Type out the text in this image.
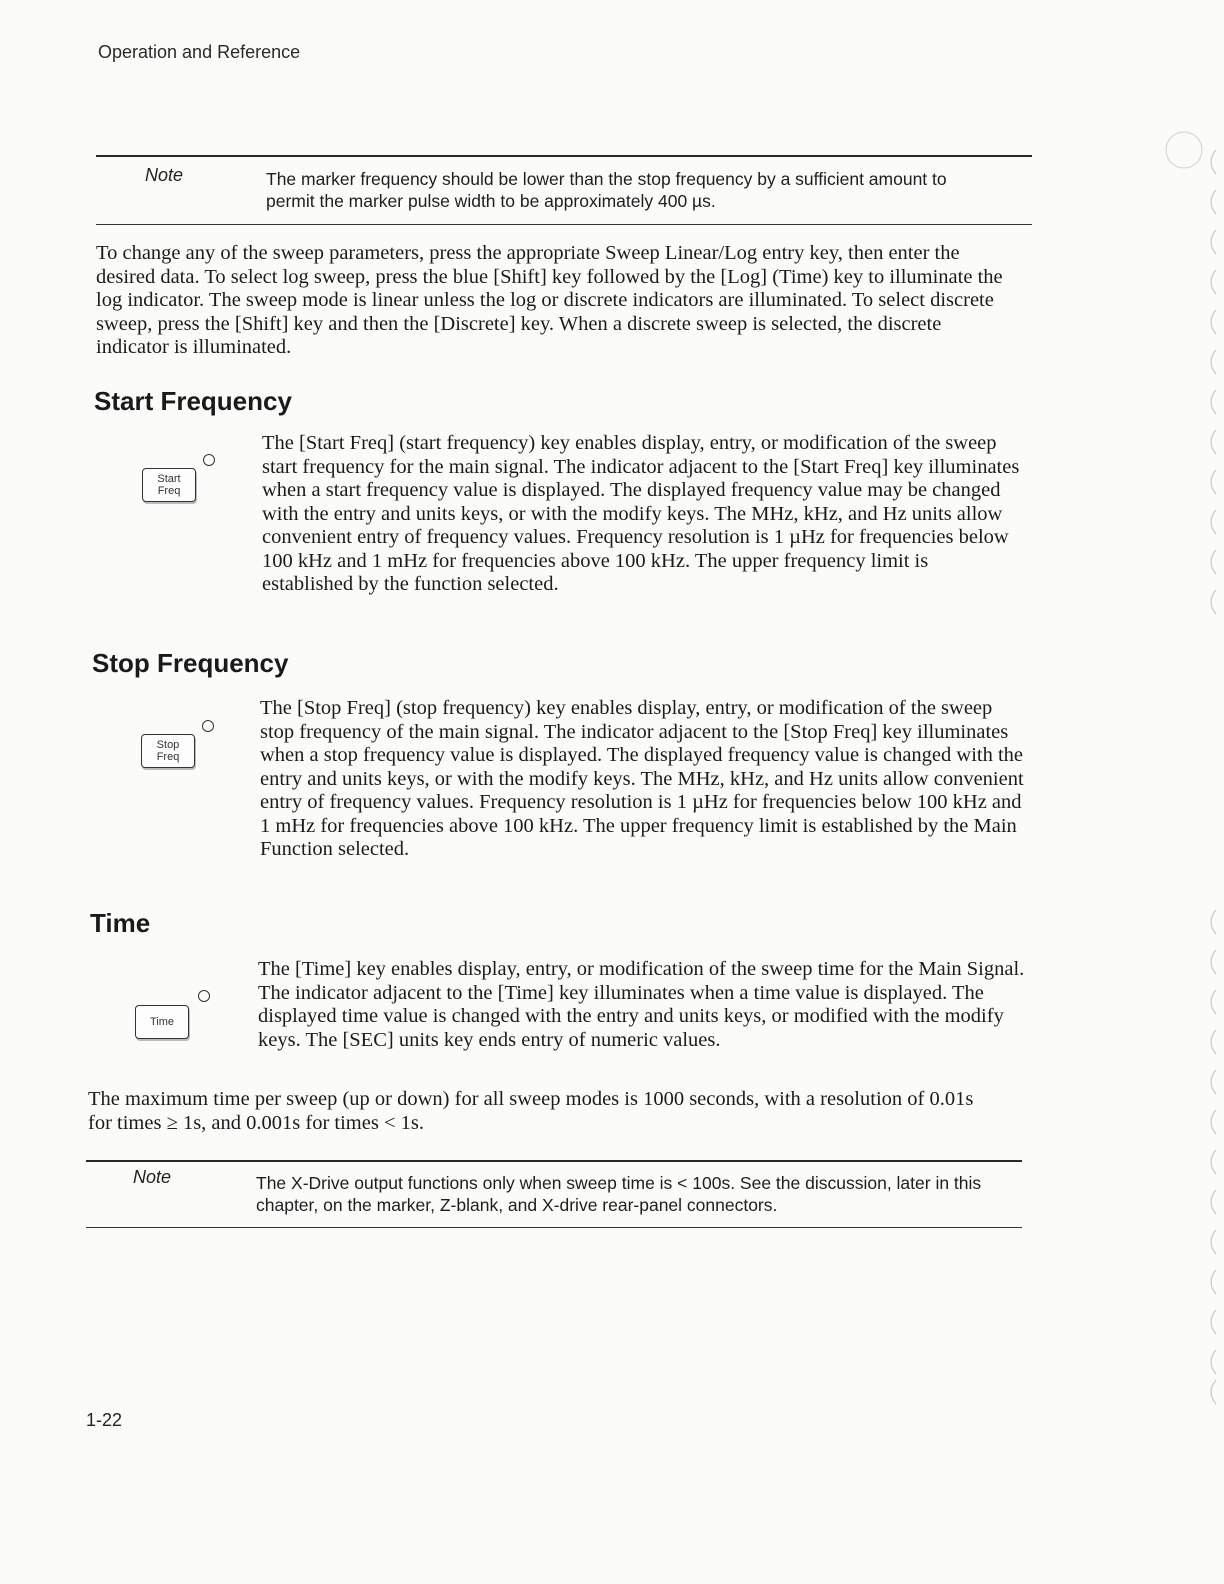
Operation and Reference
Note	The marker frequency should be lower than the stop frequency by a sufficient amount to permit the marker pulse width to be approximately 400 µs.
To change any of the sweep parameters, press the appropriate Sweep Linear/Log entry key, then enter the desired data. To select log sweep, press the blue [Shift] key followed by the [Log] (Time) key to illuminate the log indicator. The sweep mode is linear unless the log or discrete indicators are illuminated. To select discrete sweep, press the [Shift] key and then the [Discrete] key. When a discrete sweep is selected, the discrete indicator is illuminated.
Start Frequency
Start
Freq
The [Start Freq] (start frequency) key enables display, entry, or modification of the sweep start frequency for the main signal. The indicator adjacent to the [Start Freq] key illuminates when a start frequency value is displayed. The displayed frequency value may be changed with the entry and units keys, or with the modify keys. The MHz, kHz, and Hz units allow convenient entry of frequency values. Frequency resolution is 1 µHz for frequencies below 100 kHz and 1 mHz for frequencies above 100 kHz. The upper frequency limit is established by the function selected.
Stop Frequency
Stop
Freq
The [Stop Freq] (stop frequency) key enables display, entry, or modification of the sweep stop frequency of the main signal. The indicator adjacent to the [Stop Freq] key illuminates when a stop frequency value is displayed. The displayed frequency value is changed with the entry and units keys, or with the modify keys. The MHz, kHz, and Hz units allow convenient entry of frequency values. Frequency resolution is 1 µHz for frequencies below 100 kHz and 1 mHz for frequencies above 100 kHz. The upper frequency limit is established by the Main Function selected.
Time
Time
The [Time] key enables display, entry, or modification of the sweep time for the Main Signal. The indicator adjacent to the [Time] key illuminates when a time value is displayed. The displayed time value is changed with the entry and units keys, or modified with the modify keys. The [SEC] units key ends entry of numeric values.
The maximum time per sweep (up or down) for all sweep modes is 1000 seconds, with a resolution of 0.01s for times ≥ 1s, and 0.001s for times < 1s.
Note	The X-Drive output functions only when sweep time is < 100s. See the discussion, later in this chapter, on the marker, Z-blank, and X-drive rear-panel connectors.
1-22
